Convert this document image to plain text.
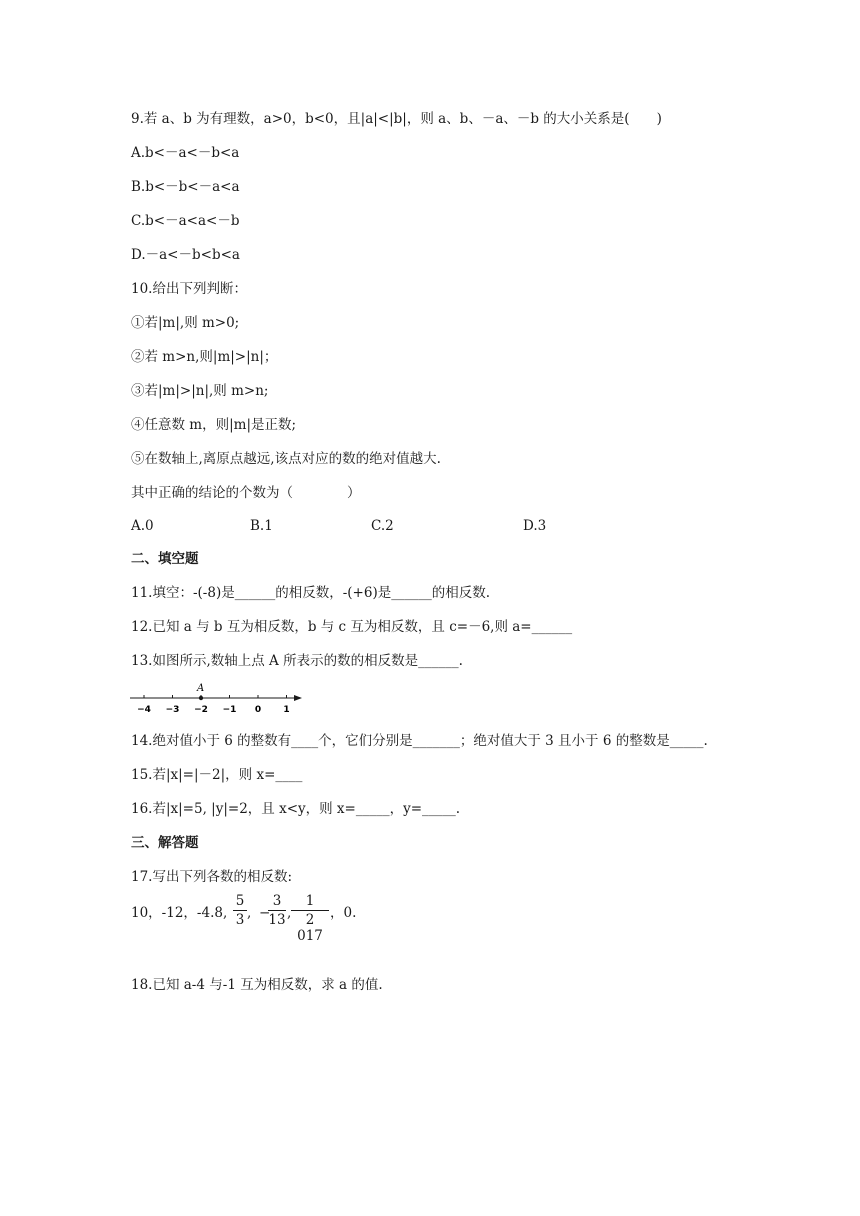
9.若 a、b 为有理数，a>0，b<0，且|a|<|b|，则 a、b、－a、－b 的大小关系是(　　)
A.b<－a<－b<a
B.b<－b<－a<a
C.b<－a<a<－b
D.－a<－b<b<a
10.给出下列判断：
①若|m|,则 m>0;
②若 m>n,则|m|>|n|；
③若|m|>|n|,则 m>n;
④任意数 m，则|m|是正数;
⑤在数轴上,离原点越远,该点对应的数的绝对值越大.
其中正确的结论的个数为（　　　　）
A.0	B.1	C.2	D.3
二、填空题
11.填空：-(-8)是______的相反数，-(+6)是______的相反数.
12.已知 a 与 b 互为相反数，b 与 c 互为相反数，且 c=－6,则 a=______
13.如图所示,数轴上点 A 所表示的数的相反数是______.
−4 −3 −2 −1 0 1
A
14.绝对值小于 6 的整数有____个，它们分别是_______；绝对值大于 3 且小于 6 的整数是_____.
15.若|x|=|－2|，则 x=____
16.若|x|=5, |y|=2，且 x<y，则 x=_____，y=_____.
三、解答题
17.写出下列各数的相反数:
10，-12，-4.8,
5
3 , −
3
13 ,
1
2 017
，0.
18.已知 a-4 与-1 互为相反数，求 a 的值.
